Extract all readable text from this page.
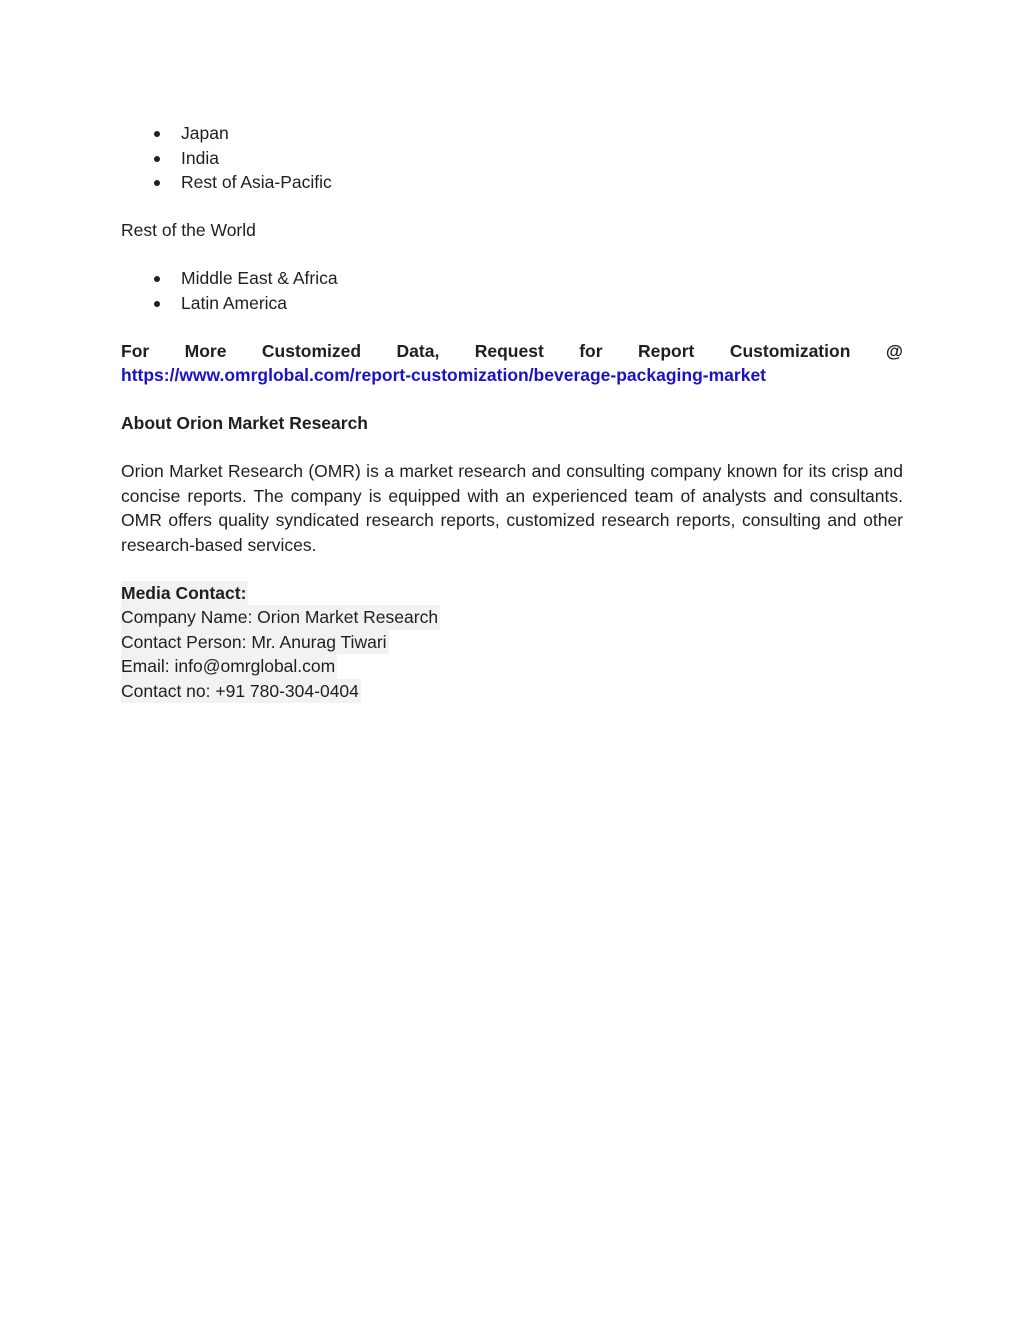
Japan
India
Rest of Asia-Pacific

Rest of the World

Middle East & Africa
Latin America

For More Customized Data, Request for Report Customization @

https://www.omrglobal.com/report-customization/beverage-packaging-market

About Orion Market Research

Orion Market Research (OMR) is a market research and consulting company known for its crisp and concise reports. The company is equipped with an experienced team of analysts and consultants. OMR offers quality syndicated research reports, customized research reports, consulting and other research-based services.

Media Contact:
Company Name: Orion Market Research
Contact Person: Mr. Anurag Tiwari
Email: info@omrglobal.com
Contact no: +91 780-304-0404
